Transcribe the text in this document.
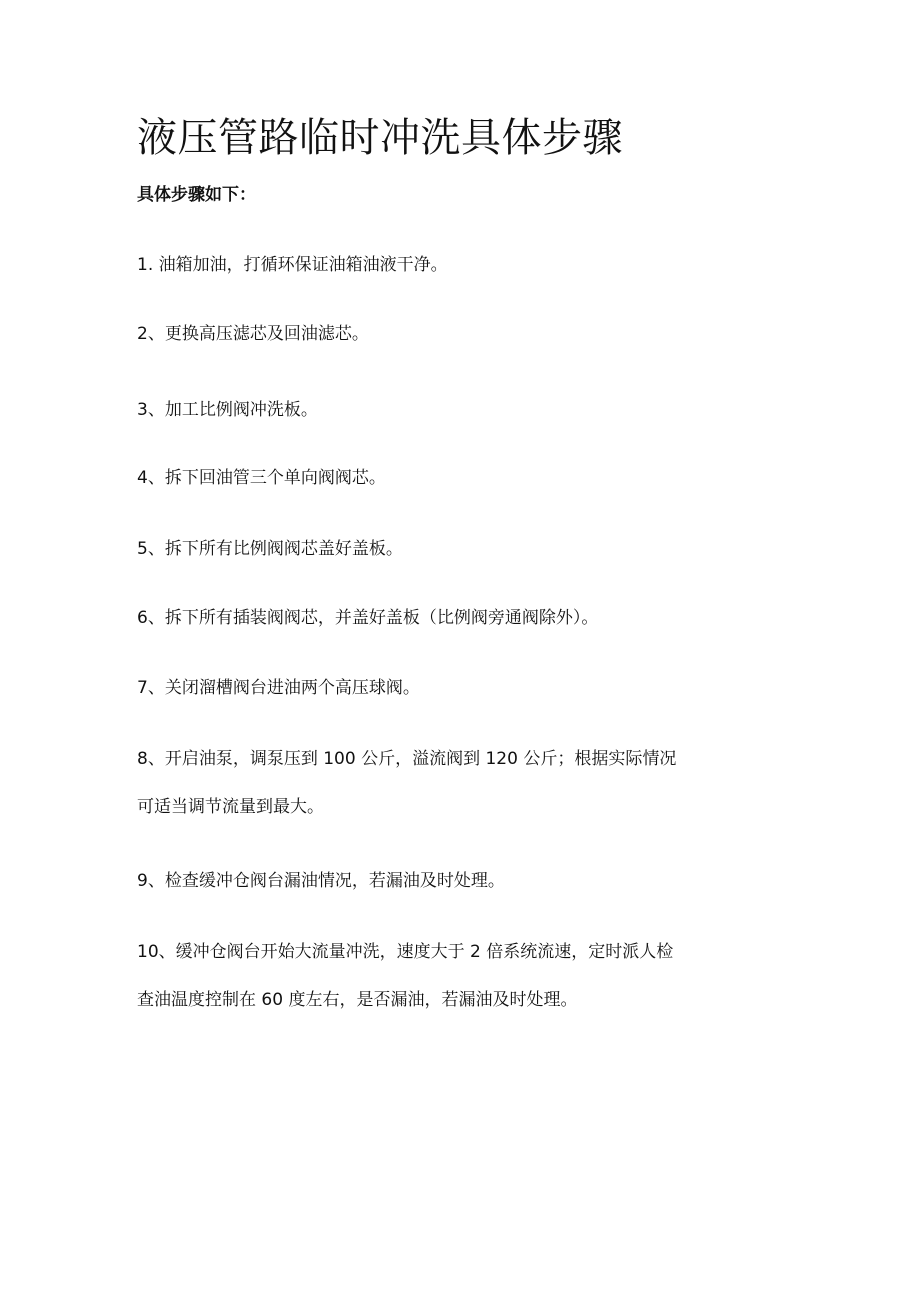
液压管路临时冲洗具体步骤

具体步骤如下：

1. 油箱加油，打循环保证油箱油液干净。

2、更换高压滤芯及回油滤芯。

3、加工比例阀冲洗板。

4、拆下回油管三个单向阀阀芯。

5、拆下所有比例阀阀芯盖好盖板。

6、拆下所有插装阀阀芯，并盖好盖板（比例阀旁通阀除外）。

7、关闭溜槽阀台进油两个高压球阀。

8、开启油泵，调泵压到 100 公斤，溢流阀到 120 公斤；根据实际情况
可适当调节流量到最大。

9、检查缓冲仓阀台漏油情况，若漏油及时处理。

10、缓冲仓阀台开始大流量冲洗，速度大于 2 倍系统流速，定时派人检
查油温度控制在 60 度左右，是否漏油，若漏油及时处理。
